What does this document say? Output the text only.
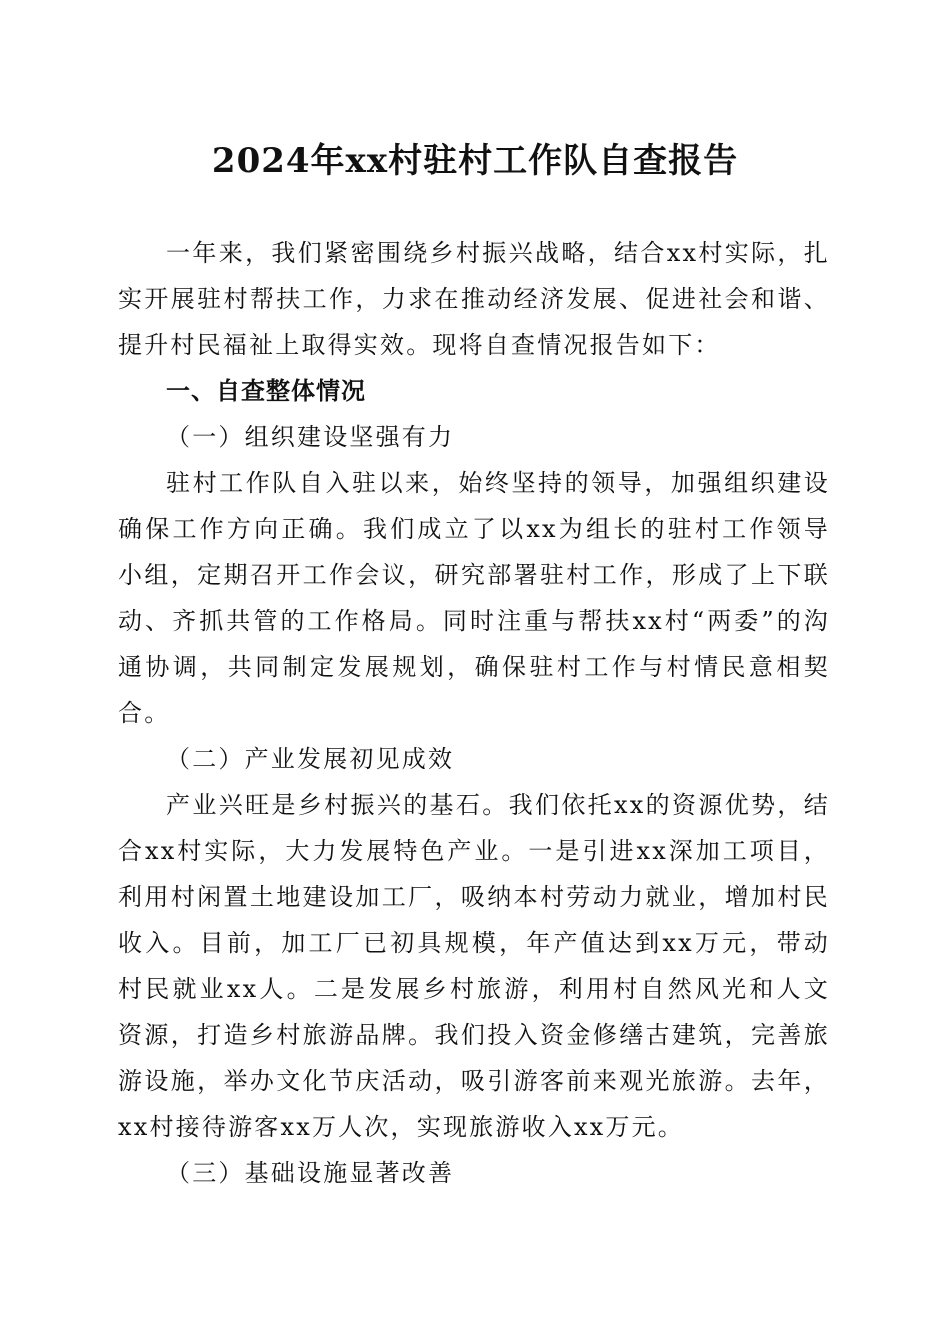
2024年xx村驻村工作队自查报告

一年来，我们紧密围绕乡村振兴战略，结合xx村实际，扎实开展驻村帮扶工作，力求在推动经济发展、促进社会和谐、提升村民福祉上取得实效。现将自查情况报告如下：

一、自查整体情况

（一）组织建设坚强有力

驻村工作队自入驻以来，始终坚持的领导，加强组织建设确保工作方向正确。我们成立了以xx为组长的驻村工作领导小组，定期召开工作会议，研究部署驻村工作，形成了上下联动、齐抓共管的工作格局。同时注重与帮扶xx村“两委”的沟通协调，共同制定发展规划，确保驻村工作与村情民意相契合。

（二）产业发展初见成效

产业兴旺是乡村振兴的基石。我们依托xx的资源优势，结合xx村实际，大力发展特色产业。一是引进xx深加工项目，利用村闲置土地建设加工厂，吸纳本村劳动力就业，增加村民收入。目前，加工厂已初具规模，年产值达到xx万元，带动村民就业xx人。二是发展乡村旅游，利用村自然风光和人文资源，打造乡村旅游品牌。我们投入资金修缮古建筑，完善旅游设施，举办文化节庆活动，吸引游客前来观光旅游。去年，xx村接待游客xx万人次，实现旅游收入xx万元。

（三）基础设施显著改善
